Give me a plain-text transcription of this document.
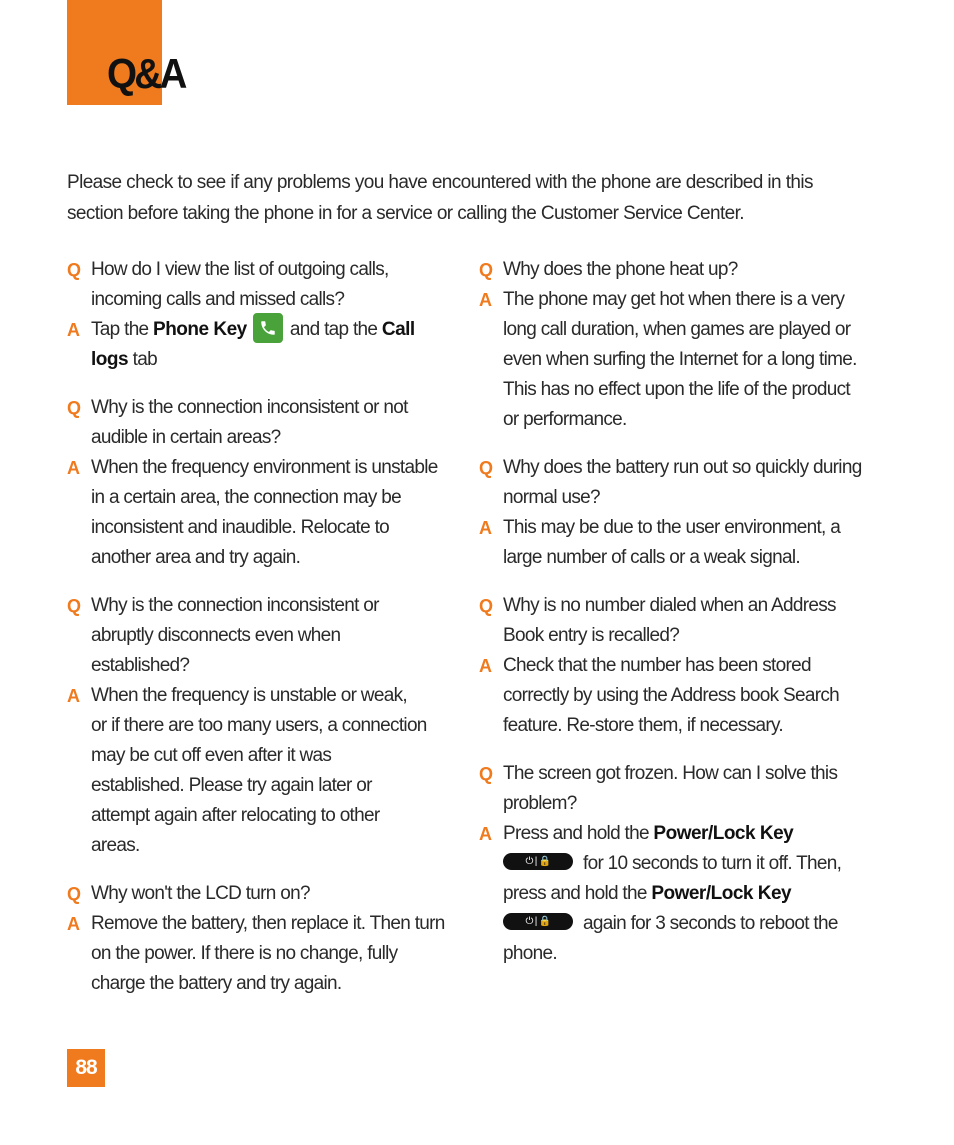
Q&A

Please check to see if any problems you have encountered with the phone are described in this section before taking the phone in for a service or calling the Customer Service Center.

Q How do I view the list of outgoing calls, incoming calls and missed calls?
A Tap the Phone Key
and tap the Call logs tab
Q Why is the connection inconsistent or not audible in certain areas?
A When the frequency environment is unstable in a certain area, the connection may be inconsistent and inaudible. Relocate to another area and try again.
Q Why is the connection inconsistent or abruptly disconnects even when established?
A When the frequency is unstable or weak, or if there are too many users, a connection may be cut off even after it was established. Please try again later or attempt again after relocating to other areas.
Q Why won't the LCD turn on?
A Remove the battery, then replace it. Then turn on the power. If there is no change, fully charge the battery and try again.
Q Why does the phone heat up?
A The phone may get hot when there is a very long call duration, when games are played or even when surfing the Internet for a long time. This has no effect upon the life of the product or performance.
Q Why does the battery run out so quickly during normal use?
A This may be due to the user environment, a large number of calls or a weak signal.
Q Why is no number dialed when an Address Book entry is recalled?
A Check that the number has been stored correctly by using the Address book Search feature. Re-store them, if necessary.
Q The screen got frozen. How can I solve this problem?
A Press and hold the Power/Lock Key

⏻ | 🔒 for 10 seconds to turn it off. Then, press and hold the Power/Lock Key

⏻ | 🔒 again for 3 seconds to reboot the phone.
88
